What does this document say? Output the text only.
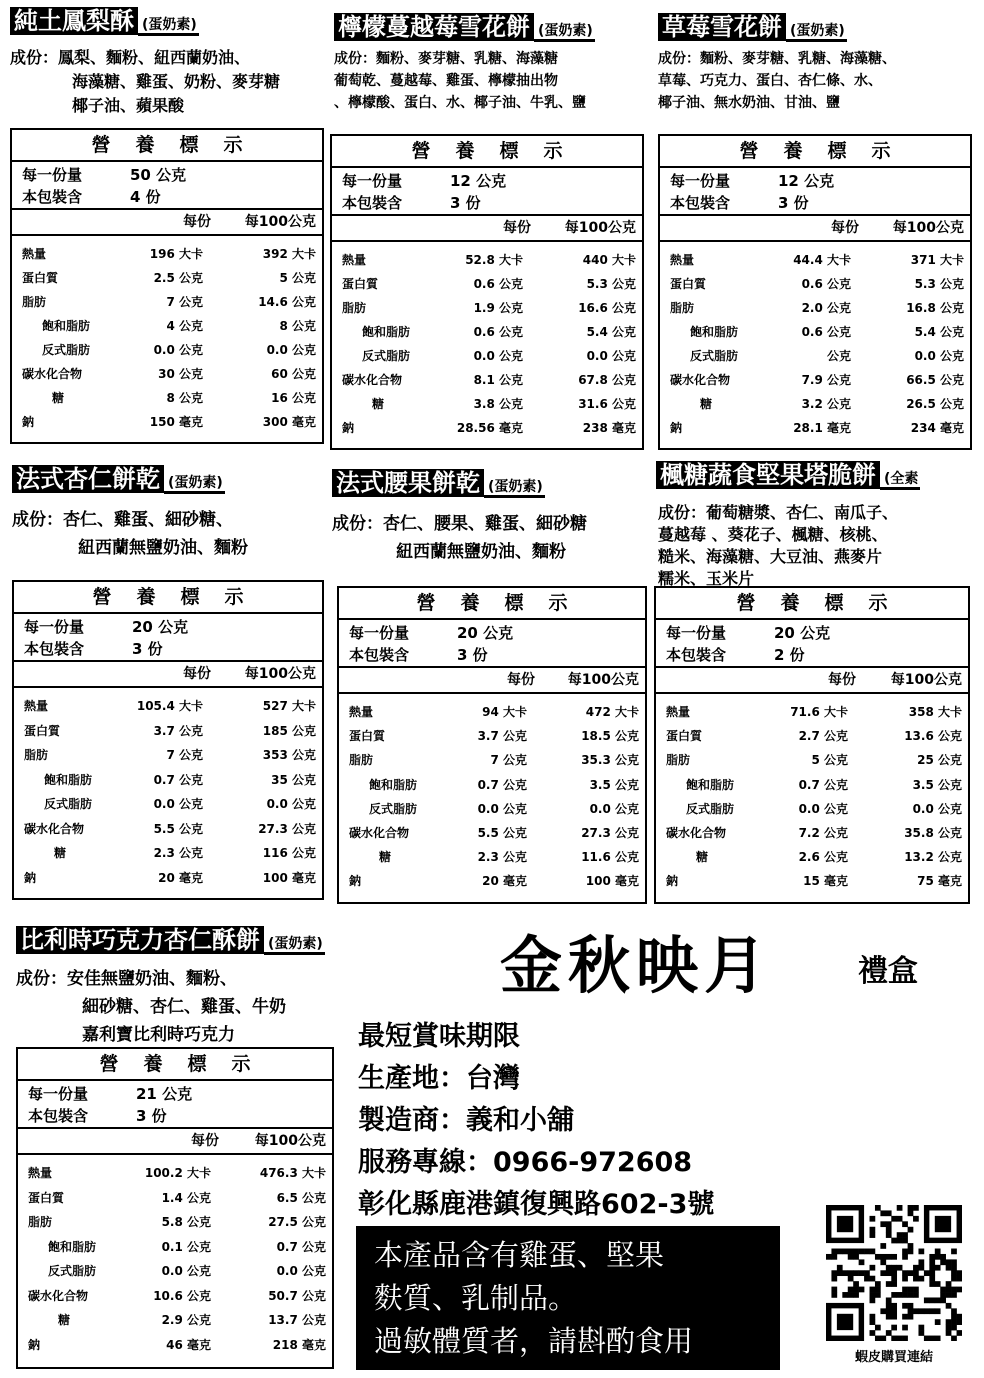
純土鳳梨酥 (蛋奶素)
成份：鳳梨、麵粉、紐西蘭奶油、
海藻糖、雞蛋、奶粉、麥芽糖
椰子油、蘋果酸
營養標示
每一份量	50 公克
本包裝含	4 份
每份 每100公克
熱量	196 大卡	392 大卡
蛋白質	2.5 公克	5 公克
脂肪	7 公克	14.6 公克
飽和脂肪	4 公克	8 公克
反式脂肪	0.0 公克	0.0 公克
碳水化合物	30 公克	60 公克
糖	8 公克	16 公克
鈉	150 毫克	300 毫克
檸檬蔓越莓雪花餅 (蛋奶素)
成份：麵粉、麥芽糖、乳糖、海藻糖
葡萄乾、蔓越莓、雞蛋、檸檬抽出物
、檸檬酸、蛋白、水、椰子油、牛乳、鹽
營養標示
每一份量	12 公克
本包裝含	3 份
每份 每100公克
熱量	52.8 大卡	440 大卡
蛋白質	0.6 公克	5.3 公克
脂肪	1.9 公克	16.6 公克
飽和脂肪	0.6 公克	5.4 公克
反式脂肪	0.0 公克	0.0 公克
碳水化合物	8.1 公克	67.8 公克
糖	3.8 公克	31.6 公克
鈉	28.56 毫克	238 毫克
草莓雪花餅 (蛋奶素)
成份：麵粉、麥芽糖、乳糖、海藻糖、
草莓、巧克力、蛋白、杏仁條、水、
椰子油、無水奶油、甘油、鹽
營養標示
每一份量	12 公克
本包裝含	3 份
每份 每100公克
熱量	44.4 大卡	371 大卡
蛋白質	0.6 公克	5.3 公克
脂肪	2.0 公克	16.8 公克
飽和脂肪	0.6 公克	5.4 公克
反式脂肪	公克	0.0 公克
碳水化合物	7.9 公克	66.5 公克
糖	3.2 公克	26.5 公克
鈉	28.1 毫克	234 毫克
法式杏仁餅乾 (蛋奶素)
成份：杏仁、雞蛋、細砂糖、
紐西蘭無鹽奶油、麵粉
營養標示
每一份量	20 公克
本包裝含	3 份
每份 每100公克
熱量	105.4 大卡	527 大卡
蛋白質	3.7 公克	185 公克
脂肪	7 公克	353 公克
飽和脂肪	0.7 公克	35 公克
反式脂肪	0.0 公克	0.0 公克
碳水化合物	5.5 公克	27.3 公克
糖	2.3 公克	116 公克
鈉	20 毫克	100 毫克
法式腰果餅乾 (蛋奶素)
成份：杏仁、腰果、雞蛋、細砂糖
紐西蘭無鹽奶油、麵粉
營養標示
每一份量	20 公克
本包裝含	3 份
每份 每100公克
熱量	94 大卡	472 大卡
蛋白質	3.7 公克	18.5 公克
脂肪	7 公克	35.3 公克
飽和脂肪	0.7 公克	3.5 公克
反式脂肪	0.0 公克	0.0 公克
碳水化合物	5.5 公克	27.3 公克
糖	2.3 公克	11.6 公克
鈉	20 毫克	100 毫克
楓糖蔬食堅果塔脆餅 (全素
成份：葡萄糖漿、杏仁、南瓜子、
蔓越莓 、葵花子、楓糖、核桃、
糙米、海藻糖、大豆油、燕麥片
糯米、玉米片
營養標示
每一份量	20 公克
本包裝含	2 份
每份 每100公克
熱量	71.6 大卡	358 大卡
蛋白質	2.7 公克	13.6 公克
脂肪	5 公克	25 公克
飽和脂肪	0.7 公克	3.5 公克
反式脂肪	0.0 公克	0.0 公克
碳水化合物	7.2 公克	35.8 公克
糖	2.6 公克	13.2 公克
鈉	15 毫克	75 毫克
比利時巧克力杏仁酥餅 (蛋奶素)
成份：安佳無鹽奶油、麵粉、
細砂糖、杏仁、雞蛋、牛奶
嘉利寶比利時巧克力
營養標示
每一份量	21 公克
本包裝含	3 份
每份	每100公克
熱量	100.2 大卡	476.3 大卡
蛋白質	1.4 公克	6.5 公克
脂肪	5.8 公克	27.5 公克
飽和脂肪	0.1 公克	0.7 公克
反式脂肪	0.0 公克	0.0 公克
碳水化合物	10.6 公克	50.7 公克
糖	2.9 公克	13.7 公克
鈉	46 毫克	218 毫克
金秋映月	禮盒
最短賞味期限
生產地：台灣
製造商：義和小舖
服務專線：0966-972608
彰化縣鹿港鎮復興路602-3號
本產品含有雞蛋、堅果
麩質、乳制品。
過敏體質者，請斟酌食用	蝦皮購買連結
